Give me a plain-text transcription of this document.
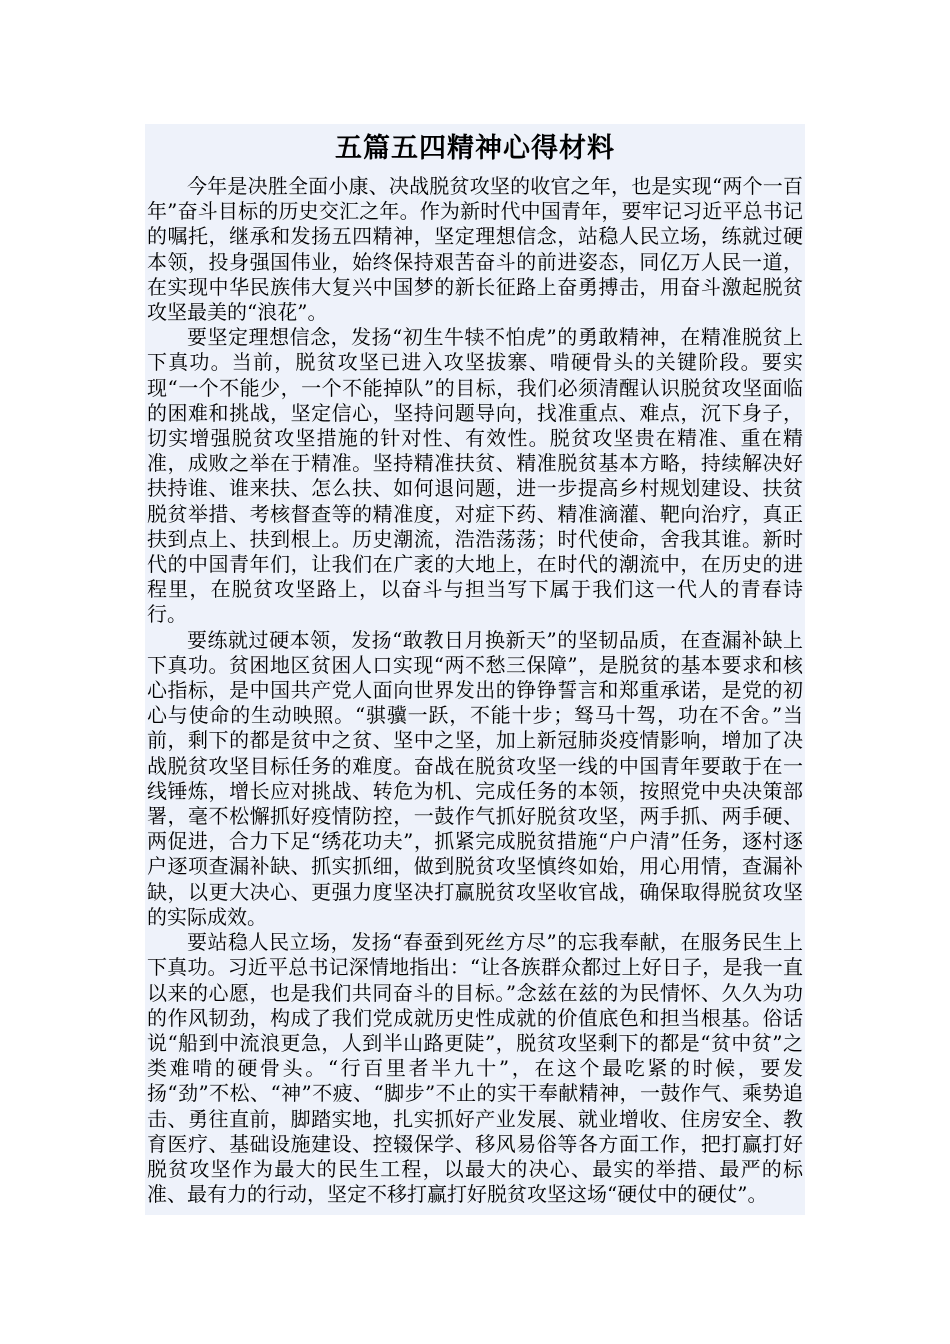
五篇五四精神心得材料

今年是决胜全面小康、决战脱贫攻坚的收官之年，也是实现“两个一百年”奋斗目标的历史交汇之年。作为新时代中国青年，要牢记习近平总书记的嘱托，继承和发扬五四精神，坚定理想信念，站稳人民立场，练就过硬本领，投身强国伟业，始终保持艰苦奋斗的前进姿态，同亿万人民一道，在实现中华民族伟大复兴中国梦的新长征路上奋勇搏击，用奋斗激起脱贫攻坚最美的“浪花”。

要坚定理想信念，发扬“初生牛犊不怕虎”的勇敢精神，在精准脱贫上下真功。当前，脱贫攻坚已进入攻坚拔寨、啃硬骨头的关键阶段。要实现“一个不能少，一个不能掉队”的目标，我们必须清醒认识脱贫攻坚面临的困难和挑战，坚定信心，坚持问题导向，找准重点、难点，沉下身子，切实增强脱贫攻坚措施的针对性、有效性。脱贫攻坚贵在精准、重在精准，成败之举在于精准。坚持精准扶贫、精准脱贫基本方略，持续解决好扶持谁、谁来扶、怎么扶、如何退问题，进一步提高乡村规划建设、扶贫脱贫举措、考核督查等的精准度，对症下药、精准滴灌、靶向治疗，真正扶到点上、扶到根上。历史潮流，浩浩荡荡；时代使命，舍我其谁。新时代的中国青年们，让我们在广袤的大地上，在时代的潮流中，在历史的进程里，在脱贫攻坚路上，以奋斗与担当写下属于我们这一代人的青春诗行。

要练就过硬本领，发扬“敢教日月换新天”的坚韧品质，在查漏补缺上下真功。贫困地区贫困人口实现“两不愁三保障”，是脱贫的基本要求和核心指标，是中国共产党人面向世界发出的铮铮誓言和郑重承诺，是党的初心与使命的生动映照。“骐骥一跃，不能十步；驽马十驾，功在不舍。”当前，剩下的都是贫中之贫、坚中之坚，加上新冠肺炎疫情影响，增加了决战脱贫攻坚目标任务的难度。奋战在脱贫攻坚一线的中国青年要敢于在一线锤炼，增长应对挑战、转危为机、完成任务的本领，按照党中央决策部署，毫不松懈抓好疫情防控，一鼓作气抓好脱贫攻坚，两手抓、两手硬、两促进，合力下足“绣花功夫”，抓紧完成脱贫措施“户户清”任务，逐村逐户逐项查漏补缺、抓实抓细，做到脱贫攻坚慎终如始，用心用情，查漏补缺，以更大决心、更强力度坚决打赢脱贫攻坚收官战，确保取得脱贫攻坚的实际成效。

要站稳人民立场，发扬“春蚕到死丝方尽”的忘我奉献，在服务民生上下真功。习近平总书记深情地指出：“让各族群众都过上好日子，是我一直以来的心愿，也是我们共同奋斗的目标。”念兹在兹的为民情怀、久久为功的作风韧劲，构成了我们党成就历史性成就的价值底色和担当根基。俗话说“船到中流浪更急，人到半山路更陡”，脱贫攻坚剩下的都是“贫中贫”之类难啃的硬骨头。“行百里者半九十”，在这个最吃紧的时候，要发扬“劲”不松、“神”不疲、“脚步”不止的实干奉献精神，一鼓作气、乘势追击、勇往直前，脚踏实地，扎实抓好产业发展、就业增收、住房安全、教育医疗、基础设施建设、控辍保学、移风易俗等各方面工作，把打赢打好脱贫攻坚作为最大的民生工程，以最大的决心、最实的举措、最严的标准、最有力的行动，坚定不移打赢打好脱贫攻坚这场“硬仗中的硬仗”。
